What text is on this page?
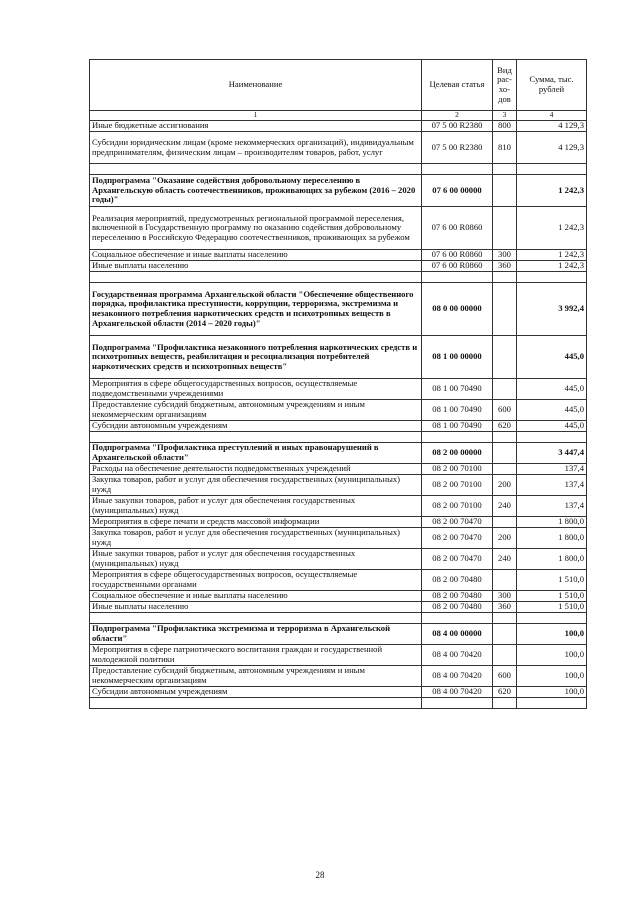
Наименование	Целевая статья	Вид рас-хо-дов	Сумма, тыс. рублей
1	2	3	4
Иные бюджетные ассигнования	07 5 00 R2380	800	4 129,3
Субсидии юридическим лицам (кроме некоммерческих организаций), индивидуальным предпринимателям, физическим лицам – производителям товаров, работ, услуг	07 5 00 R2380	810	4 129,3

Подпрограмма "Оказание содействия добровольному переселению в Архангельскую область соотечественников, проживающих за рубежом (2016 – 2020 годы)"	07 6 00 00000		1 242,3
Реализация мероприятий, предусмотренных региональной программой переселения, включенной в Государственную программу по оказанию содействия добровольному переселению в Российскую Федерацию соотечественников, проживающих за рубежом	07 6 00 R0860		1 242,3
Социальное обеспечение и иные выплаты населению	07 6 00 R0860	300	1 242,3
Иные выплаты населению	07 6 00 R0860	360	1 242,3

Государственная программа Архангельской области "Обеспечение общественного порядка, профилактика преступности, коррупции, терроризма, экстремизма и незаконного потребления наркотических средств и психотропных веществ в Архангельской области (2014 – 2020 годы)"	08 0 00 00000		3 992,4
Подпрограмма "Профилактика незаконного потребления наркотических средств и психотропных веществ, реабилитация и ресоциализация потребителей наркотических средств и психотропных веществ"	08 1 00 00000		445,0
Мероприятия в сфере общегосударственных вопросов, осуществляемые подведомственными учреждениями	08 1 00 70490		445,0
Предоставление субсидий бюджетным, автономным учреждениям и иным некоммерческим организациям	08 1 00 70490	600	445,0
Субсидии автономным учреждениям	08 1 00 70490	620	445,0

Подпрограмма "Профилактика преступлений и иных правонарушений в Архангельской области"	08 2 00 00000		3 447,4
Расходы на обеспечение деятельности подведомственных учреждений	08 2 00 70100		137,4
Закупка товаров, работ и услуг для обеспечения государственных (муниципальных) нужд	08 2 00 70100	200	137,4
Иные закупки товаров, работ и услуг для обеспечения государственных (муниципальных) нужд	08 2 00 70100	240	137,4
Мероприятия в сфере печати и средств массовой информации	08 2 00 70470		1 800,0
Закупка товаров, работ и услуг для обеспечения государственных (муниципальных) нужд	08 2 00 70470	200	1 800,0
Иные закупки товаров, работ и услуг для обеспечения государственных (муниципальных) нужд	08 2 00 70470	240	1 800,0
Мероприятия в сфере общегосударственных вопросов, осуществляемые государственными органами	08 2 00 70480		1 510,0
Социальное обеспечение и иные выплаты населению	08 2 00 70480	300	1 510,0
Иные выплаты населению	08 2 00 70480	360	1 510,0

Подпрограмма "Профилактика экстремизма и терроризма в Архангельской области"	08 4 00 00000		100,0
Мероприятия в сфере патриотического воспитания граждан и государственной молодежной политики	08 4 00 70420		100,0
Предоставление субсидий бюджетным, автономным учреждениям и иным некоммерческим организациям	08 4 00 70420	600	100,0
Субсидии автономным учреждениям	08 4 00 70420	620	100,0

28
